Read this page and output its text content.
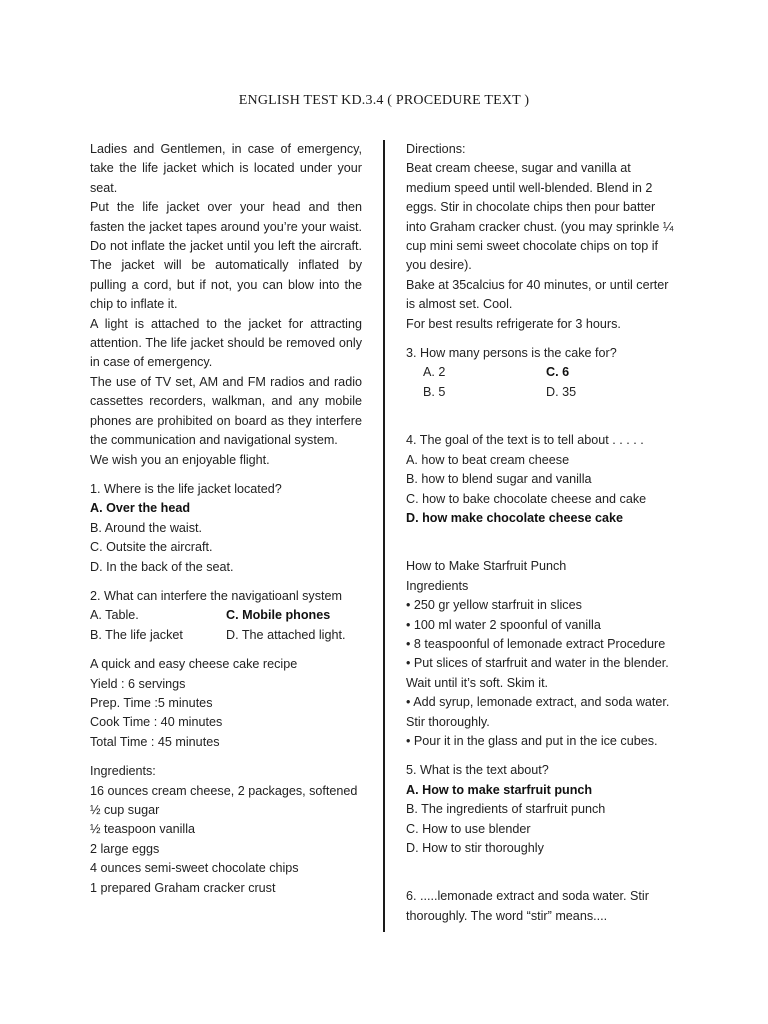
ENGLISH TEST KD.3.4 ( PROCEDURE TEXT )

Ladies and Gentlemen, in case of emergency, take the life jacket which is located under your seat.

Put the life jacket over your head and then fasten the jacket tapes around you’re your waist. Do not inflate the jacket until you left the aircraft. The jacket will be automatically inflated by pulling a cord, but if not, you can blow into the chip to inflate it.

A light is attached to the jacket for attracting attention. The life jacket should be removed only in case of emergency.

The use of TV set, AM and FM radios and radio cassettes recorders, walkman, and any mobile phones are prohibited on board as they interfere the communication and navigational system.

We wish you an enjoyable flight.

1. Where is the life jacket located?
A. Over the head
B. Around the waist.
C. Outsite the aircraft.
D. In the back of the seat.
2. What can interfere the navigatioanl system
A. Table.	C. Mobile phones
B. The life jacket	D. The attached light.
A quick and easy cheese cake recipe
Yield : 6 servings
Prep. Time :5 minutes
Cook Time : 40 minutes
Total Time : 45 minutes
Ingredients:
16 ounces cream cheese, 2 packages, softened
½ cup sugar
½ teaspoon vanilla
2 large eggs
4 ounces semi-sweet chocolate chips
1 prepared Graham cracker crust
Directions:
Beat cream cheese, sugar and vanilla at medium speed until well-blended. Blend in 2 eggs. Stir in chocolate chips then pour batter into Graham cracker chust. (you may sprinkle ¼ cup mini semi sweet chocolate chips on top if you desire).
Bake at 35calcius for 40 minutes, or until certer is almost set. Cool.
For best results refrigerate for 3 hours.
3. How many persons is the cake for?
A. 2	C. 6
B. 5	D. 35
4. The goal of the text is to tell about . . . . .
A. how to beat cream cheese
B. how to blend sugar and vanilla
C. how to bake chocolate cheese and cake
D. how make chocolate cheese cake
How to Make Starfruit Punch
Ingredients
• 250 gr yellow starfruit in slices
• 100 ml water 2 spoonful of vanilla
• 8 teaspoonful of lemonade extract Procedure
• Put slices of starfruit and water in the blender. Wait until it’s soft. Skim it.
• Add syrup, lemonade extract, and soda water. Stir thoroughly.
• Pour it in the glass and put in the ice cubes.
5. What is the text about?
A. How to make starfruit punch
B. The ingredients of starfruit punch
C. How to use blender
D. How to stir thoroughly
6. .....lemonade extract and soda water. Stir thoroughly. The word “stir” means....
